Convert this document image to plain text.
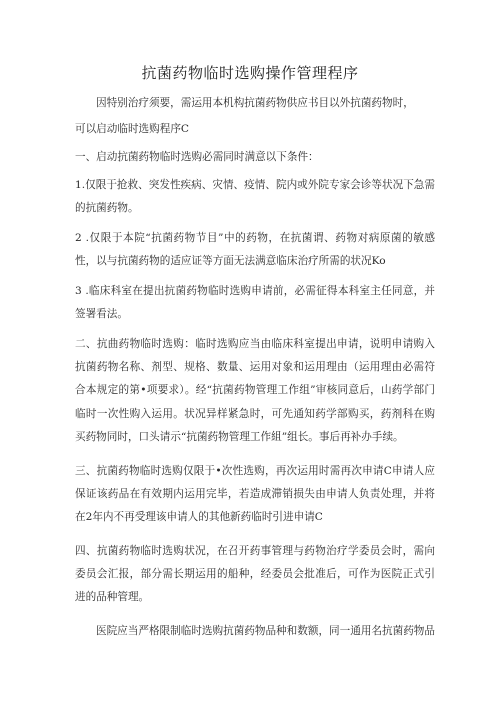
抗菌药物临时选购操作管理程序
因特别治疗须要，需运用本机构抗菌药物供应书目以外抗菌药物时，
可以启动临时选购程序C
一、启动抗菌药物临时选购必需同时满意以下条件：
1.仅限于抢救、突发性疾病、灾情、疫情、院内或外院专家会诊等状况下急需的抗菌药物。
2 .仅限于本院“抗菌药物节目”中的药物，在抗菌谓、药物对病原菌的敏感性，以与抗菌药物的适应证等方面无法满意临床治疗所需的状况Ko
3 .临床科室在提出抗菌药物临时选购申请前，必需征得本科室主任同意，并签署看法。
二、抗曲药物临时选购：临时选购应当由临床科室提出申请，说明申请购入抗菌药物名称、剂型、规格、数量、运用对象和运用理由（运用理由必需符合本规定的第•项要求）。经“抗菌药物管理工作组”审核同意后，山药学部门临时一次性购入运用。状况异样紧急时，可先通知药学部购买，药剂科在购买药物同时，口头请示“抗菌药物管理工作組”组长。事后再补办手续。
三、抗菌药物临时选购仅限于•次性选购，再次运用时需再次申请C申请人应保证该药品在有效期内运用完毕，若造成滞销损失由申请人负责处理，并将在2年内不再受理该申请人的其他新药临时引进申请C
四、抗菌药物临时选购状况，在召开药事管理与药物治疗学委员会时，需向委员会汇报，部分需长期运用的船种，经委员会批准后，可作为医院正式引进的品种管理。
医院应当严格限制临时选购抗菌药物品种和数额，同一通用名抗菌药物品
